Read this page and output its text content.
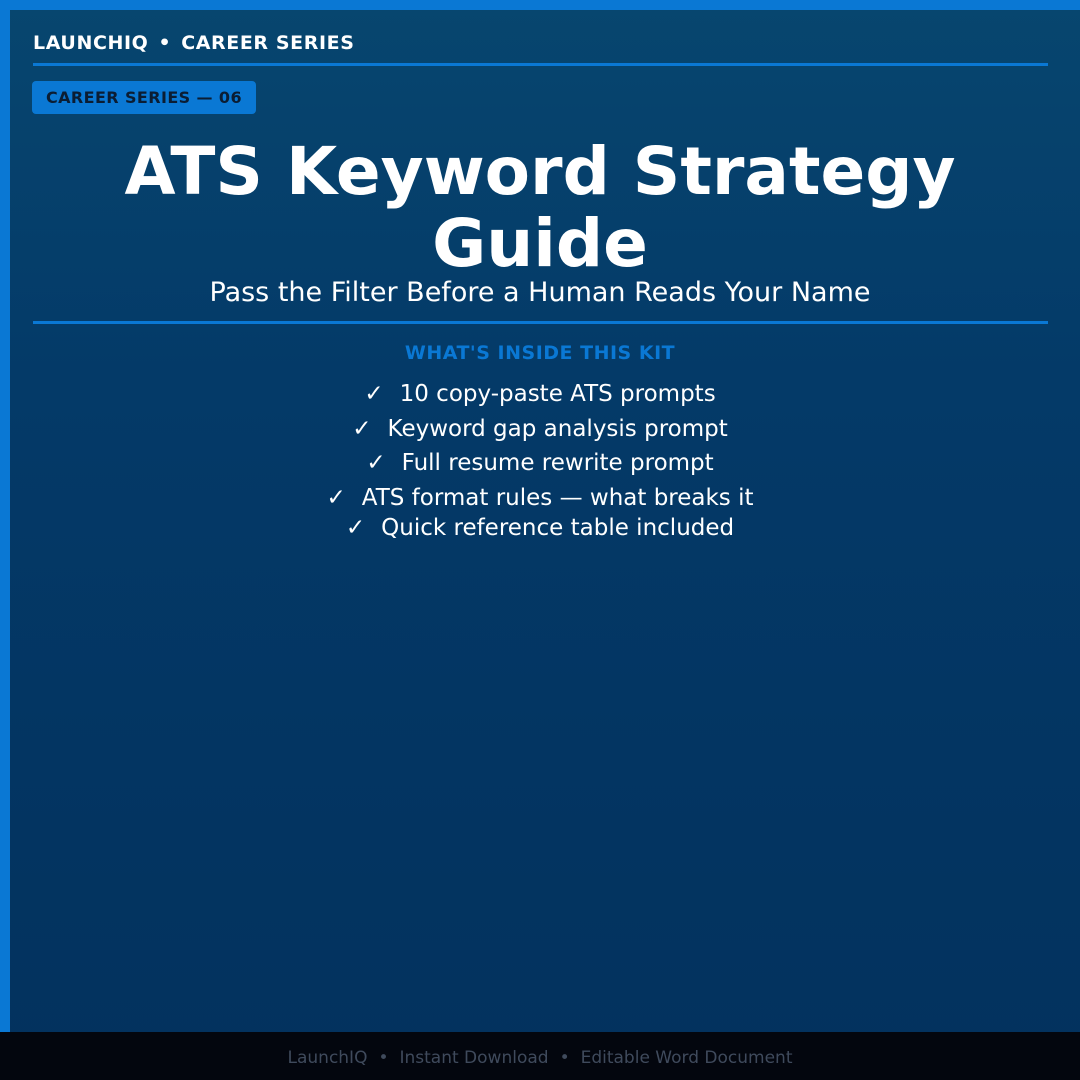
LAUNCHIQ • CAREER SERIES
CAREER SERIES — 06
ATS Keyword Strategy Guide
Pass the Filter Before a Human Reads Your Name
WHAT'S INSIDE THIS KIT
✓ 10 copy-paste ATS prompts
✓ Keyword gap analysis prompt
✓ Full resume rewrite prompt
✓ ATS format rules — what breaks it
✓ Quick reference table included
LaunchIQ • Instant Download • Editable Word Document
